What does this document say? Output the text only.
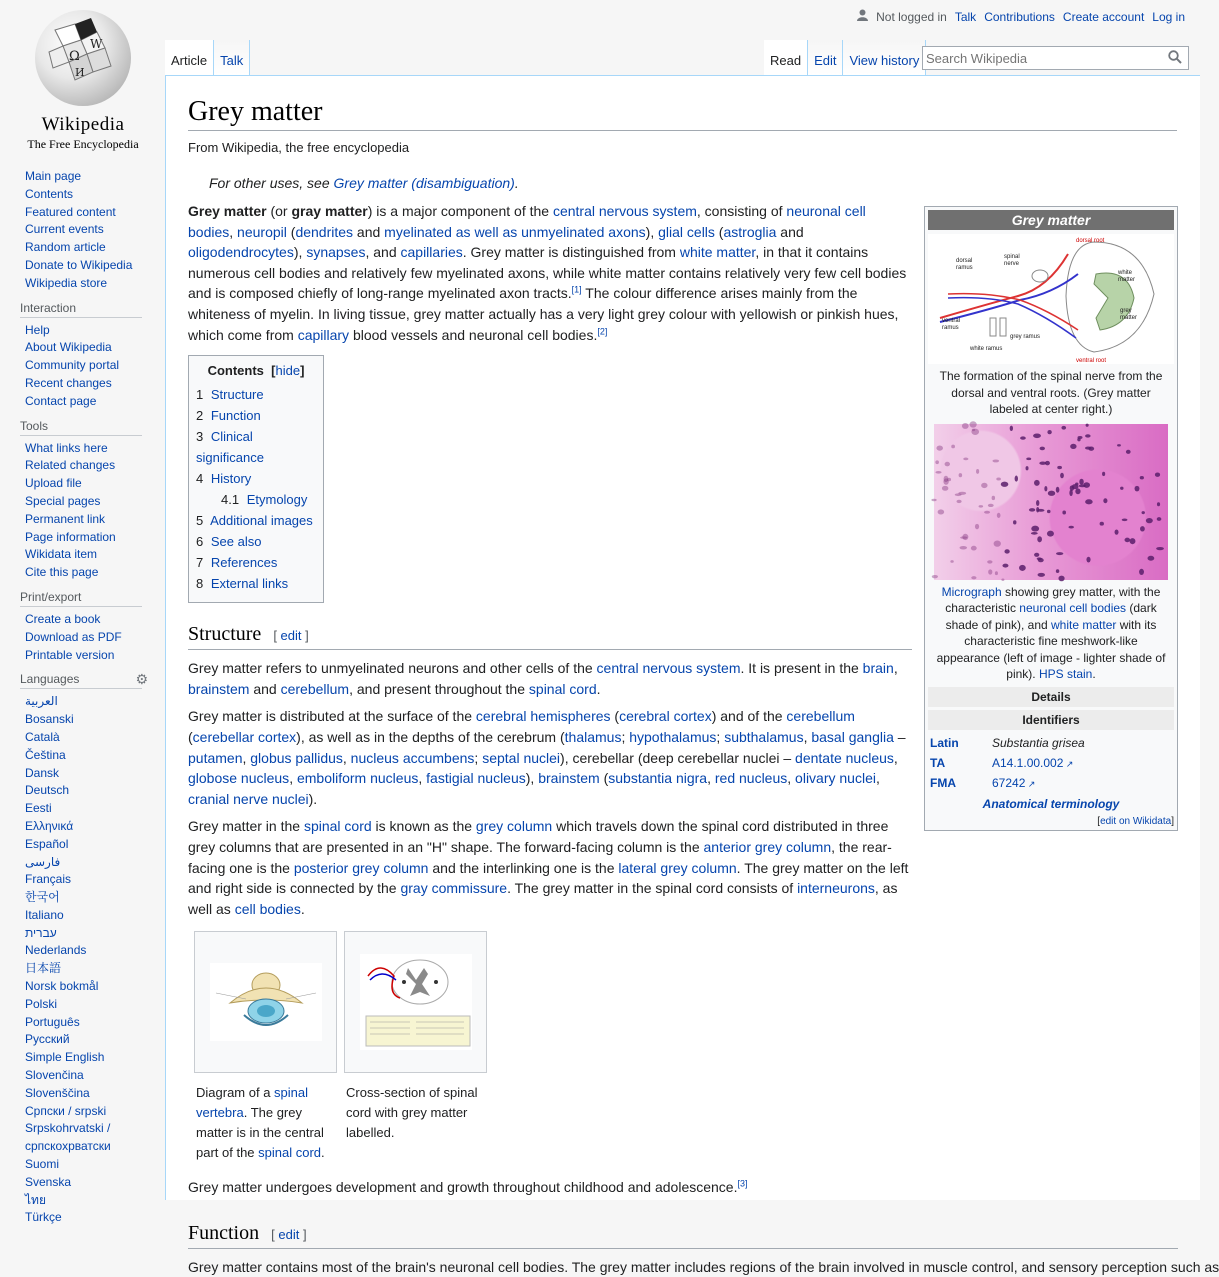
Not logged in Talk Contributions Create account Log in
Article	Talk	Read	Edit	View history
Search Wikipedia
Ω
W
И
Wikipedia
The Free Encyclopedia
Main page
Contents
Featured content
Current events
Random article
Donate to Wikipedia
Wikipedia store
Interaction
Help
About Wikipedia
Community portal
Recent changes
Contact page
Tools
What links here
Related changes
Upload file
Special pages
Permanent link
Page information
Wikidata item
Cite this page
Print/export
Create a book
Download as PDF
Printable version
Languages	⚙
العربية
Bosanski
Català
Čeština
Dansk
Deutsch
Eesti
Ελληνικά
Español
فارسی
Français
한국어
Italiano
עברית
Nederlands
日本語
Norsk bokmål
Polski
Português
Русский
Simple English
Slovenčina
Slovenščina
Српски / srpski
Srpskohrvatski / српскохрватски
Suomi
Svenska
ไทย
Türkçe
Grey matter
From Wikipedia, the free encyclopedia
For other uses, see Grey matter (disambiguation).

Grey matter (or gray matter) is a major component of the central nervous system, consisting of neuronal cell bodies, neuropil (dendrites and myelinated as well as unmyelinated axons), glial cells (astroglia and oligodendrocytes), synapses, and capillaries. Grey matter is distinguished from white matter, in that it contains numerous cell bodies and relatively few myelinated axons, while white matter contains relatively very few cell bodies and is composed chiefly of long-range myelinated axon tracts.[1] The colour difference arises mainly from the whiteness of myelin. In living tissue, grey matter actually has a very light grey colour with yellowish or pinkish hues, which come from capillary blood vessels and neuronal cell bodies.[2]

Contents  [hide]
1 Structure
2 Function
3 Clinical significance
4 History
4.1 Etymology
5 Additional images
6 See also
7 References
8 External links
Structure [ edit ]

Grey matter refers to unmyelinated neurons and other cells of the central nervous system. It is present in the brain, brainstem and cerebellum, and present throughout the spinal cord.

Grey matter is distributed at the surface of the cerebral hemispheres (cerebral cortex) and of the cerebellum (cerebellar cortex), as well as in the depths of the cerebrum (thalamus; hypothalamus; subthalamus, basal ganglia – putamen, globus pallidus, nucleus accumbens; septal nuclei), cerebellar (deep cerebellar nuclei – dentate nucleus, globose nucleus, emboliform nucleus, fastigial nucleus), brainstem (substantia nigra, red nucleus, olivary nuclei, cranial nerve nuclei).

Grey matter in the spinal cord is known as the grey column which travels down the spinal cord distributed in three grey columns that are presented in an "H" shape. The forward-facing column is the anterior grey column, the rear-facing one is the posterior grey column and the interlinking one is the lateral grey column. The grey matter on the left and right side is connected by the gray commissure. The grey matter in the spinal cord consists of interneurons, as well as cell bodies.

Diagram of a spinal vertebra. The grey matter is in the central part of the spinal cord.
Cross-section of spinal cord with grey matter labelled.

Grey matter undergoes development and growth throughout childhood and adolescence.[3]

Function [ edit ]

Grey matter contains most of the brain's neuronal cell bodies. The grey matter includes regions of the brain involved in muscle control, and sensory perception such as

Grey matter
dorsal root
dorsal
ramus
spinal
nerve
white
matter
grey
matter
ventral
ramus
grey ramus
white ramus
ventral root
The formation of the spinal nerve from the dorsal and ventral roots. (Grey matter labeled at center right.)
Micrograph showing grey matter, with the characteristic neuronal cell bodies (dark shade of pink), and white matter with its characteristic fine meshwork-like appearance (left of image - lighter shade of pink). HPS stain.
Details
Identifiers
Latin	Substantia grisea
TA	A14.1.00.002 ↗
FMA	67242 ↗
Anatomical terminology
[edit on Wikidata]
